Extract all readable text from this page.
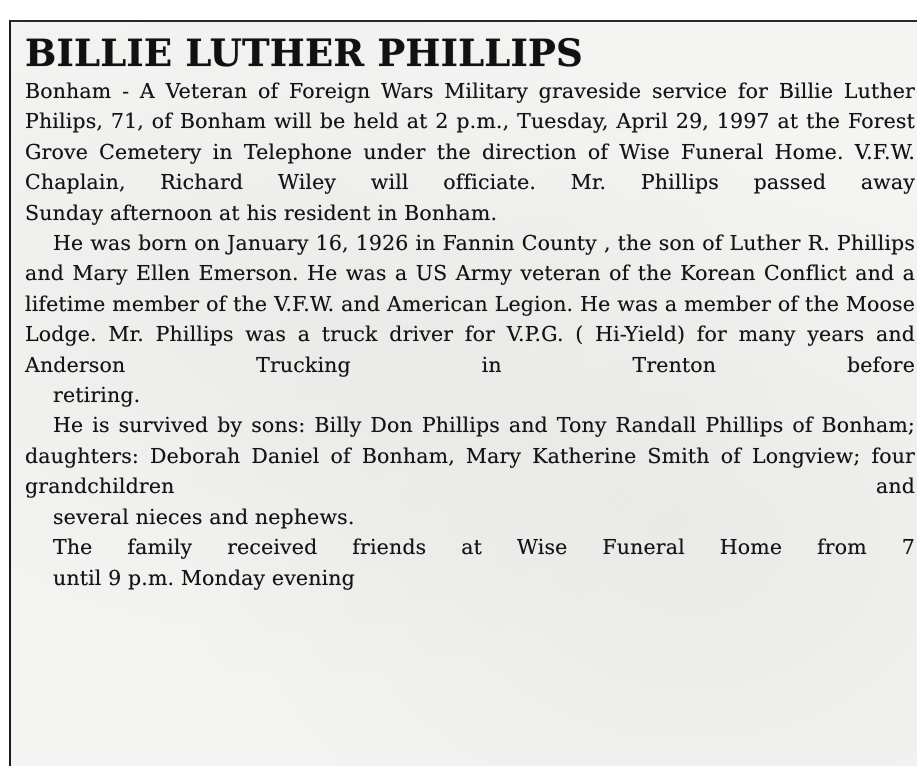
BILLIE LUTHER PHILLIPS

Bonham - A Veteran of Foreign Wars Military graveside service for Billie Luther Philips, 71, of Bonham will be held at 2 p.m., Tuesday, April 29, 1997 at the Forest Grove Cemetery in Telephone under the direction of Wise Funeral Home. V.F.W. Chaplain, Richard Wiley will officiate. Mr. Phillips passed away
Sunday afternoon at his resident in Bonham.

He was born on January 16, 1926 in Fannin County , the son of Luther R. Phillips and Mary Ellen Emerson. He was a US Army veteran of the Korean Conflict and a lifetime member of the V.F.W. and American Legion. He was a member of the Moose Lodge. Mr. Phillips was a truck driver for V.P.G. ( Hi-Yield) for many years and Anderson Trucking in Trenton before
retiring.

He is survived by sons: Billy Don Phillips and Tony Randall Phillips of Bonham; daughters: Deborah Daniel of Bonham, Mary Katherine Smith of Longview; four grandchildren and
several nieces and nephews.

The family received friends at Wise Funeral Home from 7
until 9 p.m. Monday evening
